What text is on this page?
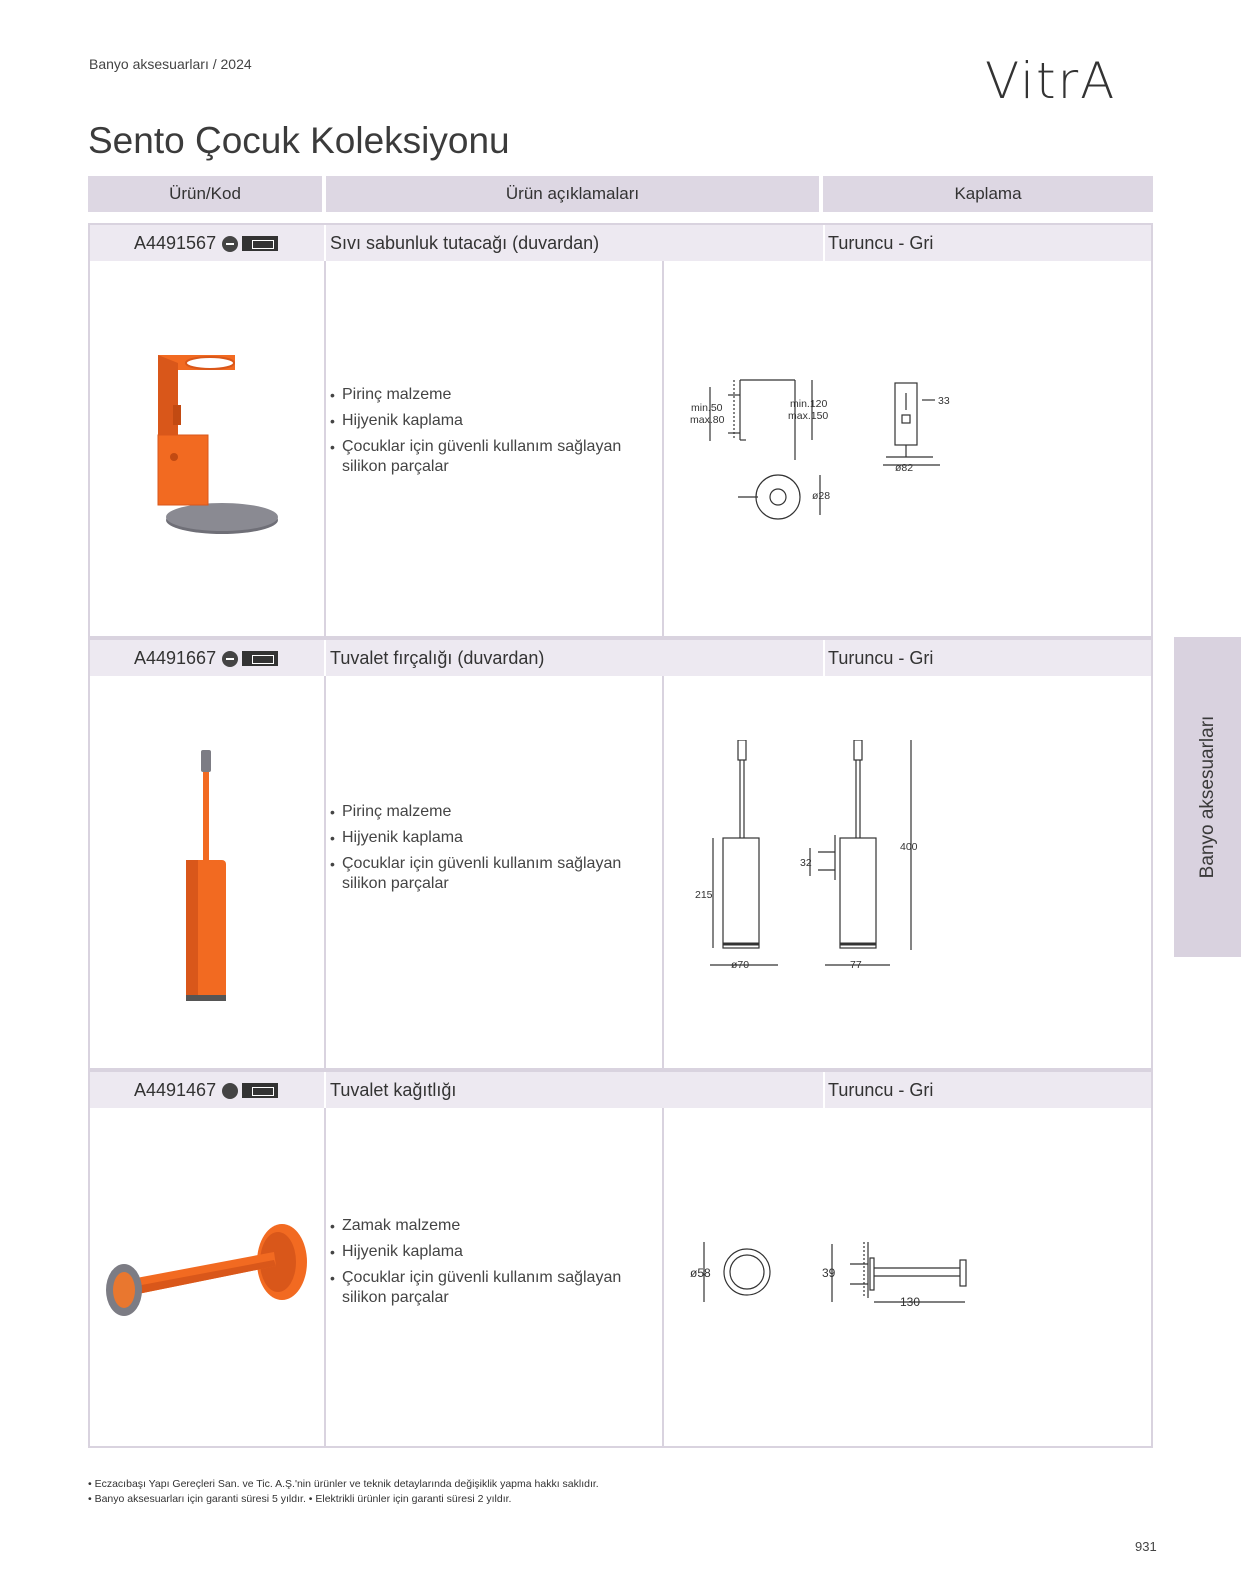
Banyo aksesuarları / 2024	VitrA
Sento Çocuk Koleksiyonu
Ürün/Kod	Ürün açıklamaları	Kaplama
Banyo aksesuarları
A4491567	Sıvı sabunluk tutacağı (duvardan)	Turuncu - Gri
• Pirinç malzeme
• Hijyenik kaplama
• Çocuklar için güvenli kullanım sağlayan silikon parçalar
min.50
max.80
min.120
max.150
33
ø82
ø28
A4491667	Tuvalet fırçalığı (duvardan)	Turuncu - Gri
• Pirinç malzeme
• Hijyenik kaplama
• Çocuklar için güvenli kullanım sağlayan silikon parçalar
215
ø70
32
77
400
A4491467	Tuvalet kağıtlığı	Turuncu - Gri
• Zamak malzeme
• Hijyenik kaplama
• Çocuklar için güvenli kullanım sağlayan silikon parçalar
ø58	39
130
• Eczacıbaşı Yapı Gereçleri San. ve Tic. A.Ş.'nin ürünler ve teknik detaylarında değişiklik yapma hakkı saklıdır.
• Banyo aksesuarları için garanti süresi 5 yıldır. • Elektrikli ürünler için garanti süresi 2 yıldır.
931
